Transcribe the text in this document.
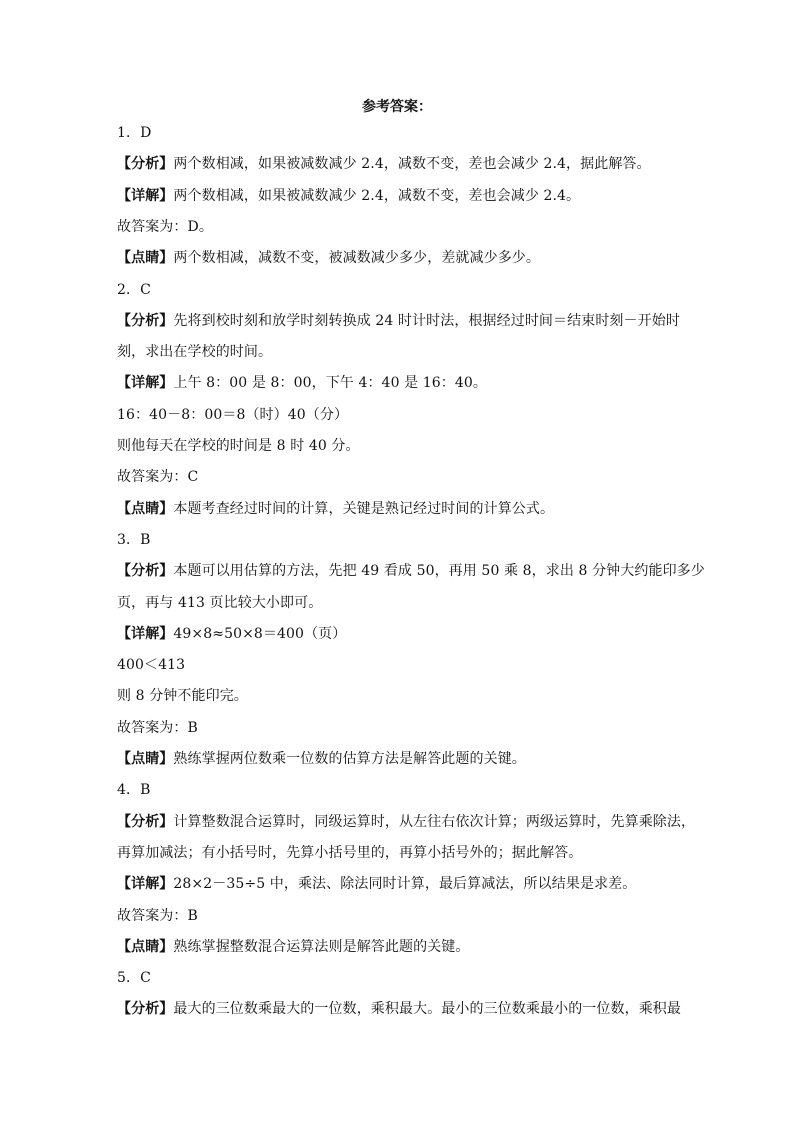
参考答案：
1．D
【分析】两个数相减，如果被减数减少 2.4，减数不变，差也会减少 2.4，据此解答。
【详解】两个数相减，如果被减数减少 2.4，减数不变，差也会减少 2.4。
故答案为：D。
【点睛】两个数相减，减数不变，被减数减少多少，差就减少多少。
2．C
【分析】先将到校时刻和放学时刻转换成 24 时计时法，根据经过时间＝结束时刻－开始时
刻，求出在学校的时间。
【详解】上午 8：00 是 8：00，下午 4：40 是 16：40。
16：40－8：00＝8（时）40（分）
则他每天在学校的时间是 8 时 40 分。
故答案为：C
【点睛】本题考查经过时间的计算，关键是熟记经过时间的计算公式。
3．B
【分析】本题可以用估算的方法，先把 49 看成 50，再用 50 乘 8，求出 8 分钟大约能印多少
页，再与 413 页比较大小即可。
【详解】49×8≈50×8＝400（页）
400＜413
则 8 分钟不能印完。
故答案为：B
【点睛】熟练掌握两位数乘一位数的估算方法是解答此题的关键。
4．B
【分析】计算整数混合运算时，同级运算时，从左往右依次计算；两级运算时，先算乘除法，
再算加减法；有小括号时，先算小括号里的，再算小括号外的；据此解答。
【详解】28×2－35÷5 中，乘法、除法同时计算，最后算减法，所以结果是求差。
故答案为：B
【点睛】熟练掌握整数混合运算法则是解答此题的关键。
5．C
【分析】最大的三位数乘最大的一位数，乘积最大。最小的三位数乘最小的一位数，乘积最
